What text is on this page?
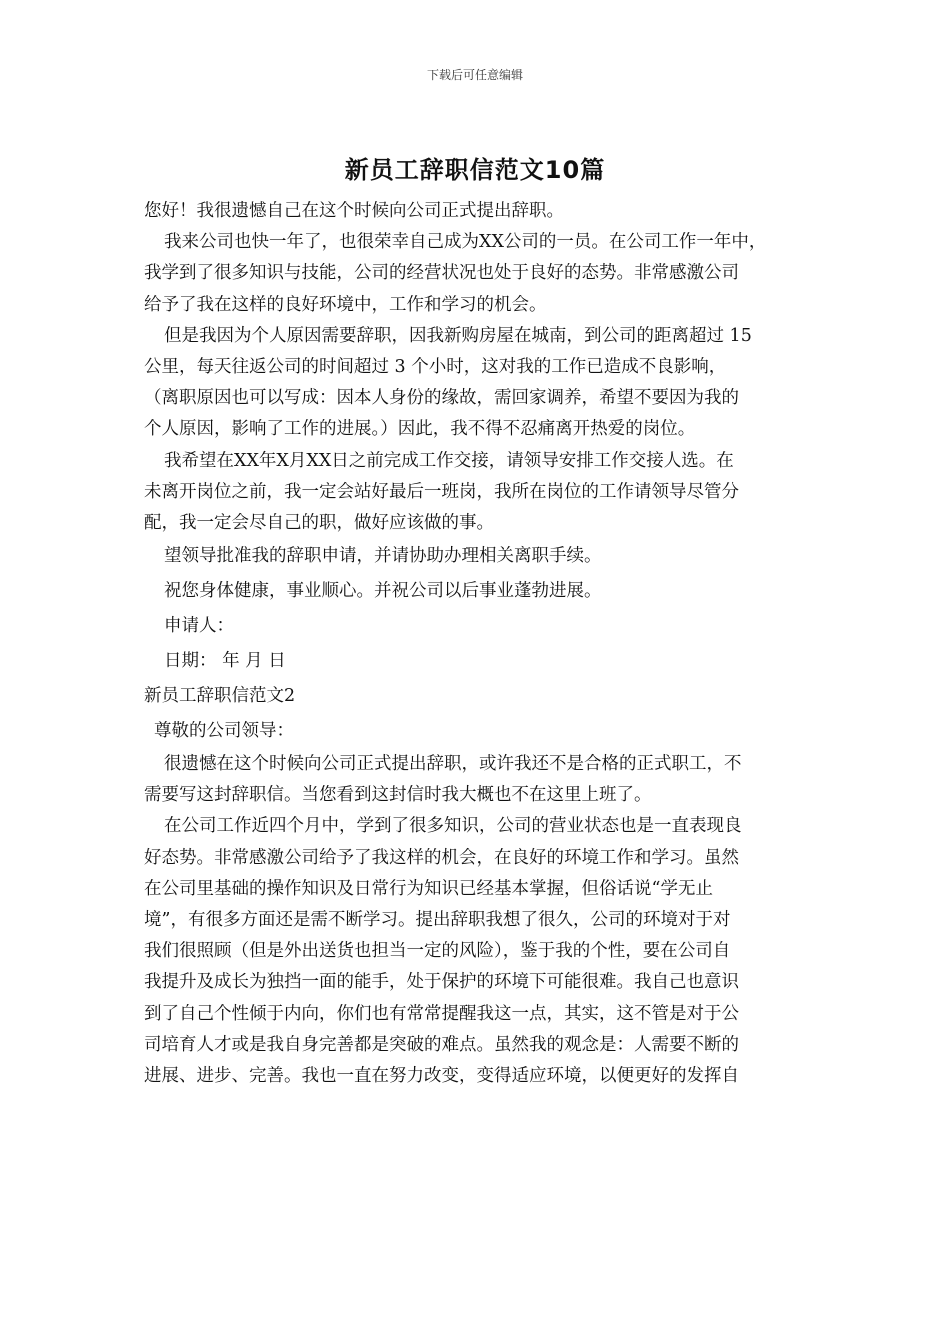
下载后可任意编辑
新员工辞职信范文10篇
您好！我很遗憾自己在这个时候向公司正式提出辞职。
我来公司也快一年了，也很荣幸自己成为XX公司的一员。在公司工作一年中，
我学到了很多知识与技能，公司的经营状况也处于良好的态势。非常感激公司
给予了我在这样的良好环境中，工作和学习的机会。
但是我因为个人原因需要辞职，因我新购房屋在城南，到公司的距离超过 15
公里，每天往返公司的时间超过 3 个小时，这对我的工作已造成不良影响，
（离职原因也可以写成：因本人身份的缘故，需回家调养，希望不要因为我的
个人原因，影响了工作的进展。）因此，我不得不忍痛离开热爱的岗位。
我希望在XX年X月XX日之前完成工作交接，请领导安排工作交接人选。在
未离开岗位之前，我一定会站好最后一班岗，我所在岗位的工作请领导尽管分
配，我一定会尽自己的职，做好应该做的事。
望领导批准我的辞职申请，并请协助办理相关离职手续。
祝您身体健康，事业顺心。并祝公司以后事业蓬勃进展。
申请人：
日期： 年 月 日
新员工辞职信范文2
尊敬的公司领导：
很遗憾在这个时候向公司正式提出辞职，或许我还不是合格的正式职工，不
需要写这封辞职信。当您看到这封信时我大概也不在这里上班了。
在公司工作近四个月中，学到了很多知识，公司的营业状态也是一直表现良
好态势。非常感激公司给予了我这样的机会，在良好的环境工作和学习。虽然
在公司里基础的操作知识及日常行为知识已经基本掌握，但俗话说“学无止
境”，有很多方面还是需不断学习。提出辞职我想了很久，公司的环境对于对
我们很照顾（但是外出送货也担当一定的风险），鉴于我的个性，要在公司自
我提升及成长为独挡一面的能手，处于保护的环境下可能很难。我自己也意识
到了自己个性倾于内向，你们也有常常提醒我这一点，其实，这不管是对于公
司培育人才或是我自身完善都是突破的难点。虽然我的观念是：人需要不断的
进展、进步、完善。我也一直在努力改变，变得适应环境，以便更好的发挥自
